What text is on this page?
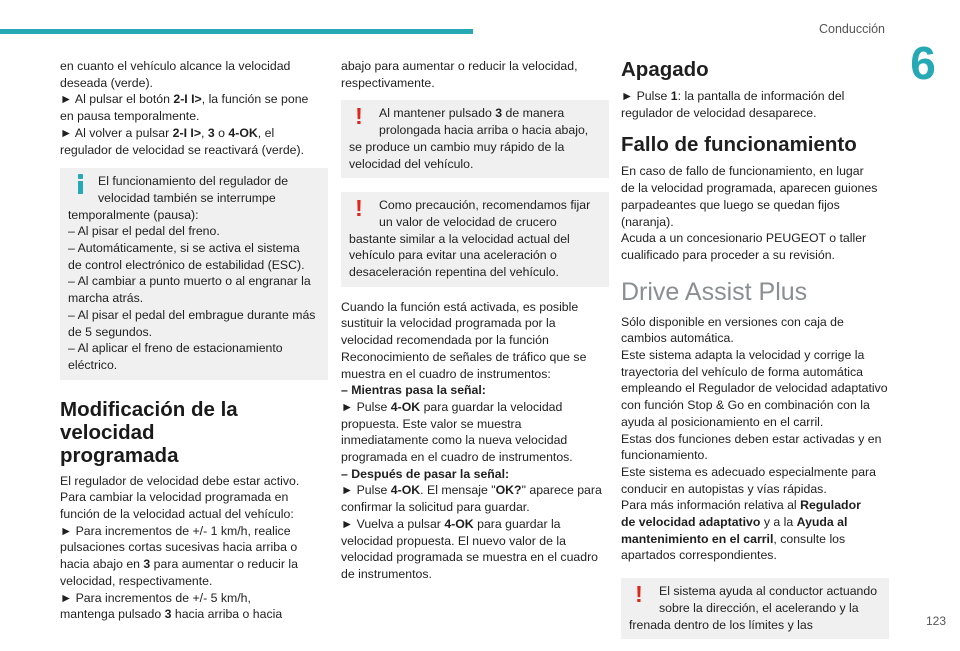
Conducción
6

en cuanto el vehículo alcance la velocidad
deseada (verde).
► Al pulsar el botón 2-I I>, la función se pone
en pausa temporalmente.
► Al volver a pulsar 2-I I>, 3 o 4-OK, el
regulador de velocidad se reactivará (verde).

El funcionamiento del regulador de
velocidad también se interrumpe
temporalmente (pausa):
– Al pisar el pedal del freno.
– Automáticamente, si se activa el sistema
de control electrónico de estabilidad (ESC).
– Al cambiar a punto muerto o al engranar la
marcha atrás.
– Al pisar el pedal del embrague durante más
de 5 segundos.
– Al aplicar el freno de estacionamiento
eléctrico.
Modificación de la velocidad
programada

El regulador de velocidad debe estar activo.
Para cambiar la velocidad programada en
función de la velocidad actual del vehículo:
► Para incrementos de +/- 1 km/h, realice
pulsaciones cortas sucesivas hacia arriba o
hacia abajo en 3 para aumentar o reducir la
velocidad, respectivamente.
► Para incrementos de +/- 5 km/h,
mantenga pulsado 3 hacia arriba o hacia

abajo para aumentar o reducir la velocidad,
respectivamente.

!	Al mantener pulsado 3 de manera
prolongada hacia arriba o hacia abajo,
se produce un cambio muy rápido de la
velocidad del vehículo.
!	Como precaución, recomendamos fijar
un valor de velocidad de crucero
bastante similar a la velocidad actual del
vehículo para evitar una aceleración o
desaceleración repentina del vehículo.

Cuando la función está activada, es posible
sustituir la velocidad programada por la
velocidad recomendada por la función
Reconocimiento de señales de tráfico que se
muestra en el cuadro de instrumentos:
– Mientras pasa la señal:
► Pulse 4-OK para guardar la velocidad
propuesta. Este valor se muestra
inmediatamente como la nueva velocidad
programada en el cuadro de instrumentos.
– Después de pasar la señal:
► Pulse 4-OK. El mensaje "OK?" aparece para
confirmar la solicitud para guardar.
► Vuelva a pulsar 4-OK para guardar la
velocidad propuesta. El nuevo valor de la
velocidad programada se muestra en el cuadro
de instrumentos.

Apagado

► Pulse 1: la pantalla de información del
regulador de velocidad desaparece.

Fallo de funcionamiento

En caso de fallo de funcionamiento, en lugar
de la velocidad programada, aparecen guiones
parpadeantes que luego se quedan fijos
(naranja).
Acuda a un concesionario PEUGEOT o taller
cualificado para proceder a su revisión.

Drive Assist Plus

Sólo disponible en versiones con caja de
cambios automática.
Este sistema adapta la velocidad y corrige la
trayectoria del vehículo de forma automática
empleando el Regulador de velocidad adaptativo
con función Stop & Go en combinación con la
ayuda al posicionamiento en el carril.
Estas dos funciones deben estar activadas y en
funcionamiento.
Este sistema es adecuado especialmente para
conducir en autopistas y vías rápidas.
Para más información relativa al Regulador
de velocidad adaptativo y a la Ayuda al
mantenimiento en el carril, consulte los
apartados correspondientes.

!	El sistema ayuda al conductor actuando
sobre la dirección, el acelerando y la
frenada dentro de los límites y las	123
